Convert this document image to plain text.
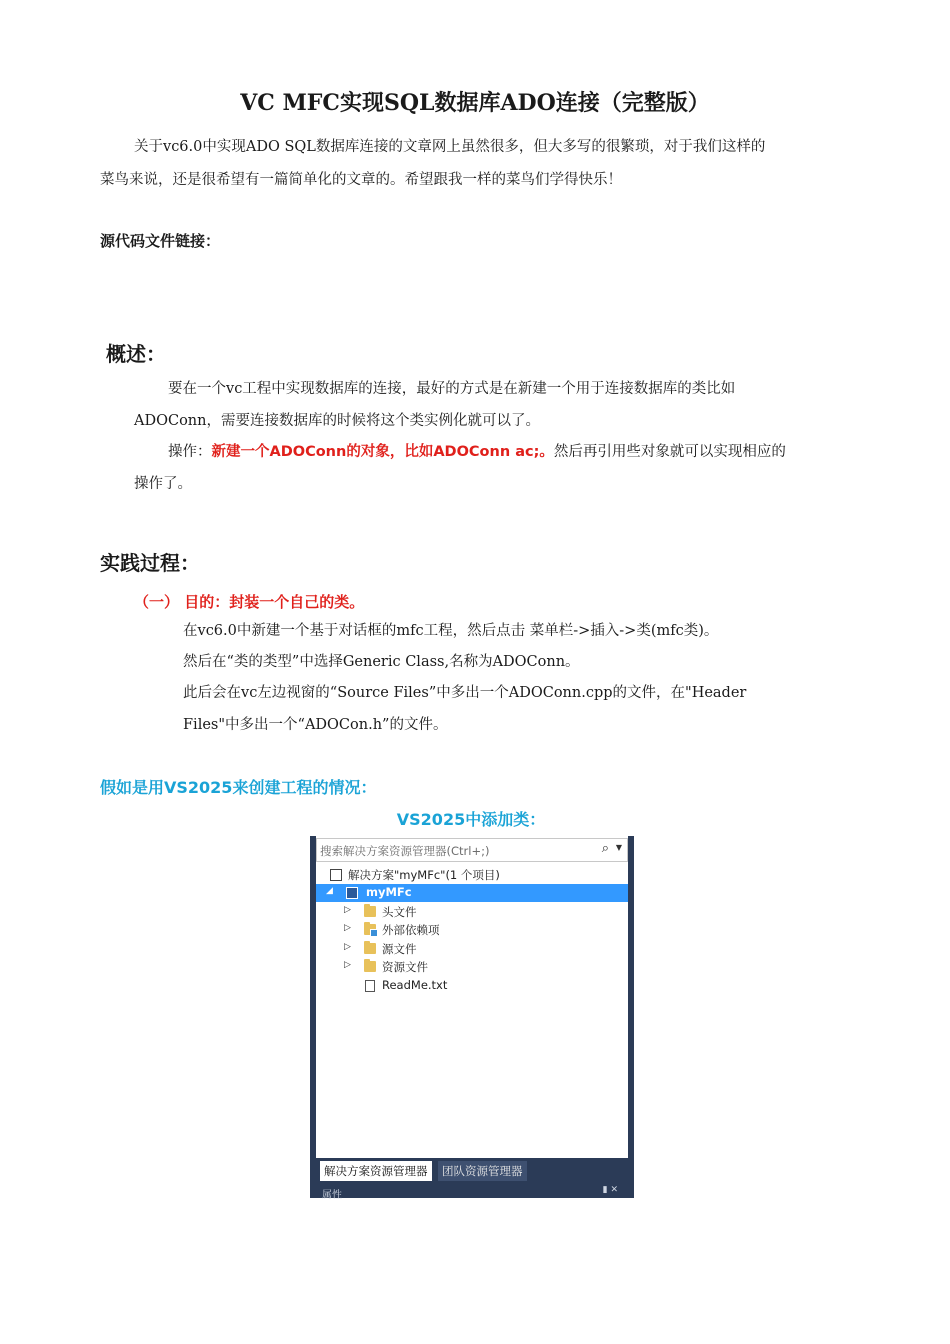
VC MFC实现SQL数据库ADO连接（完整版）
关于vc6.0中实现ADO SQL数据库连接的文章网上虽然很多，但大多写的很繁琐，对于我们这样的
菜鸟来说，还是很希望有一篇简单化的文章的。希望跟我一样的菜鸟们学得快乐！
源代码文件链接：
概述：
要在一个vc工程中实现数据库的连接，最好的方式是在新建一个用于连接数据库的类比如
ADOConn，需要连接数据库的时候将这个类实例化就可以了。
操作：新建一个ADOConn的对象，比如ADOConn ac;。然后再引用些对象就可以实现相应的
操作了。
实践过程：
（一） 目的：封装一个自己的类。
在vc6.0中新建一个基于对话框的mfc工程，然后点击 菜单栏->插入->类(mfc类)。
然后在“类的类型”中选择Generic Class,名称为ADOConn。
此后会在vc左边视窗的“Source Files”中多出一个ADOConn.cpp的文件，在"Header
Files"中多出一个“ADOCon.h”的文件。
假如是用VS2025来创建工程的情况：
VS2025中添加类：
搜索解决方案资源管理器(Ctrl+;)	⌕ ▼
解决方案"myMFc"(1 个项目)
◢	myMFc
▷	头文件
▷	外部依赖项
▷	源文件
▷	资源文件
ReadMe.txt
解决方案资源管理器	团队资源管理器
属性	▮ ✕
